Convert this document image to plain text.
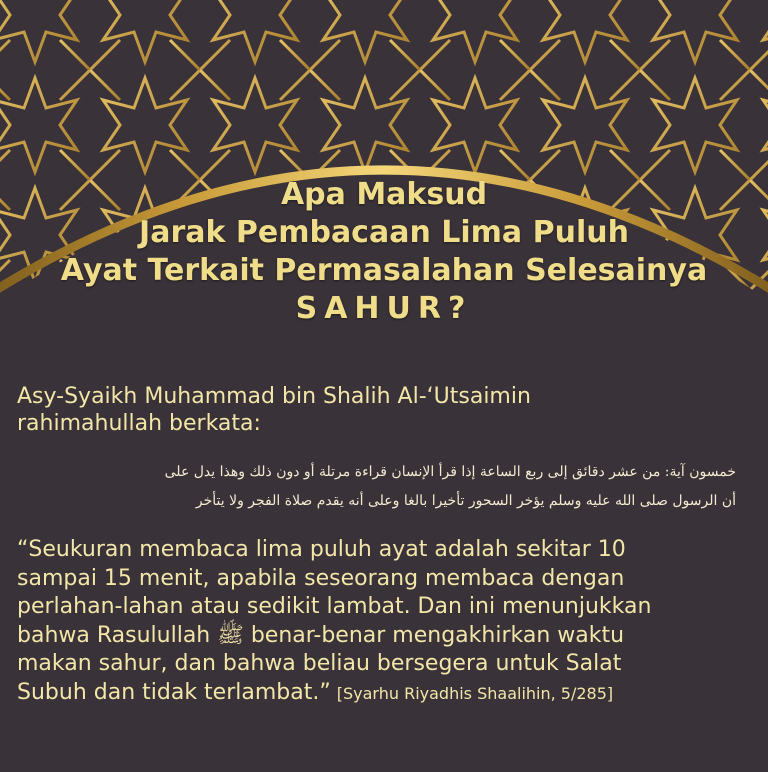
Apa Maksud
Jarak Pembacaan Lima Puluh
Ayat Terkait Permasalahan Selesainya
SAHUR?
Asy-Syaikh Muhammad bin Shalih Al-‘Utsaimin
rahimahullah berkata:
خمسون آية: من عشر دقائق إلى ربع الساعة إذا قرأ الإنسان قراءة مرتلة أو دون ذلك وهذا يدل على
أن الرسول صلى الله عليه وسلم يؤخر السحور تأخيرا بالغا وعلى أنه يقدم صلاة الفجر ولا يتأخر
“Seukuran membaca lima puluh ayat adalah sekitar 10
sampai 15 menit, apabila seseorang membaca dengan
perlahan-lahan atau sedikit lambat. Dan ini menunjukkan
bahwa Rasulullah ﷺ benar-benar mengakhirkan waktu
makan sahur, dan bahwa beliau bersegera untuk Salat
Subuh dan tidak terlambat.” [Syarhu Riyadhis Shaalihin, 5/285]
